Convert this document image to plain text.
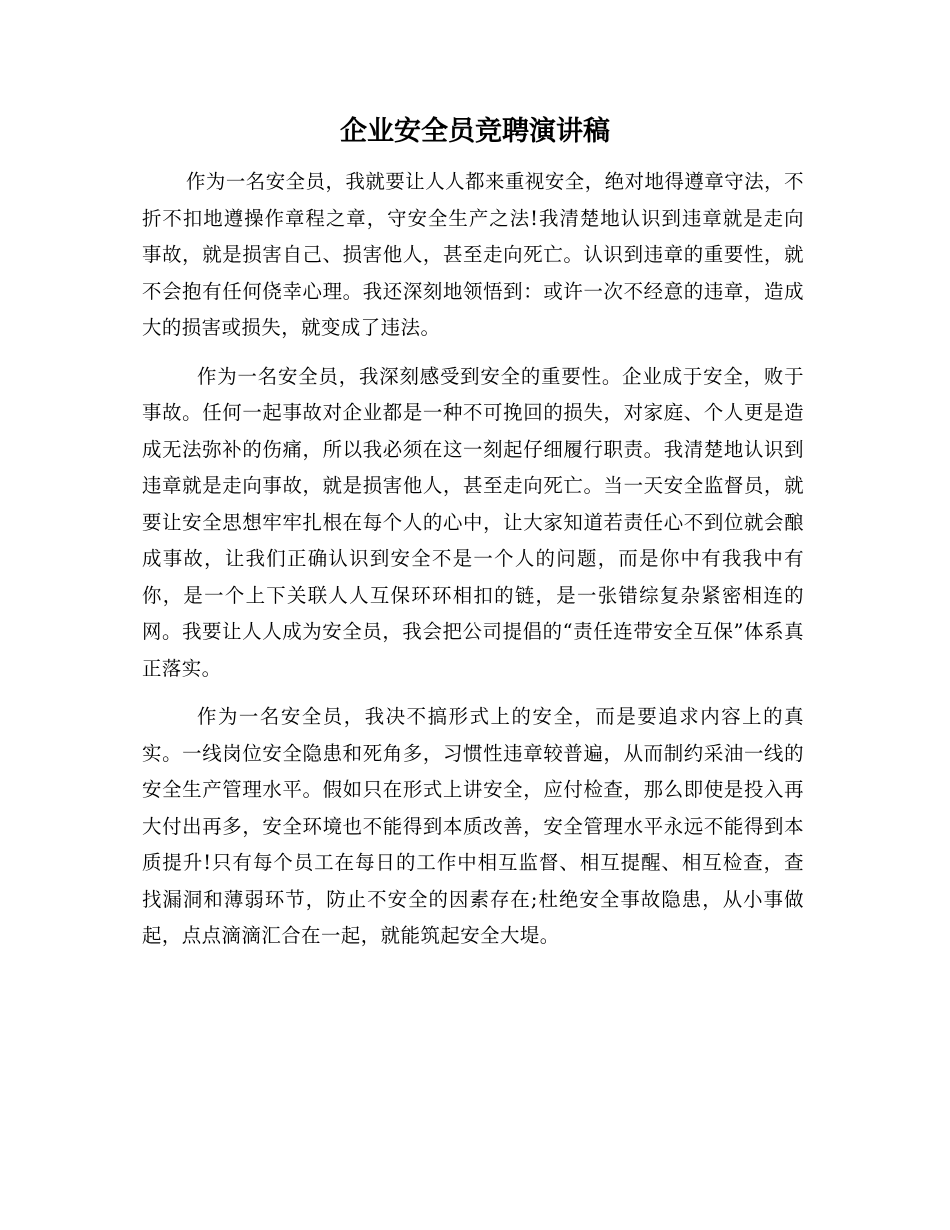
企业安全员竞聘演讲稿

作为一名安全员，我就要让人人都来重视安全，绝对地得遵章守法，不折不扣地遵操作章程之章，守安全生产之法!我清楚地认识到违章就是走向事故，就是损害自己、损害他人，甚至走向死亡。认识到违章的重要性，就不会抱有任何侥幸心理。我还深刻地领悟到：或许一次不经意的违章，造成大的损害或损失，就变成了违法。

作为一名安全员，我深刻感受到安全的重要性。企业成于安全，败于事故。任何一起事故对企业都是一种不可挽回的损失，对家庭、个人更是造成无法弥补的伤痛，所以我必须在这一刻起仔细履行职责。我清楚地认识到违章就是走向事故，就是损害他人，甚至走向死亡。当一天安全监督员，就要让安全思想牢牢扎根在每个人的心中，让大家知道若责任心不到位就会酿成事故，让我们正确认识到安全不是一个人的问题，而是你中有我我中有你，是一个上下关联人人互保环环相扣的链，是一张错综复杂紧密相连的网。我要让人人成为安全员，我会把公司提倡的“责任连带安全互保”体系真正落实。

作为一名安全员，我决不搞形式上的安全，而是要追求内容上的真实。一线岗位安全隐患和死角多，习惯性违章较普遍，从而制约采油一线的安全生产管理水平。假如只在形式上讲安全，应付检查，那么即使是投入再大付出再多，安全环境也不能得到本质改善，安全管理水平永远不能得到本质提升!只有每个员工在每日的工作中相互监督、相互提醒、相互检查，查找漏洞和薄弱环节，防止不安全的因素存在;杜绝安全事故隐患，从小事做起，点点滴滴汇合在一起，就能筑起安全大堤。
